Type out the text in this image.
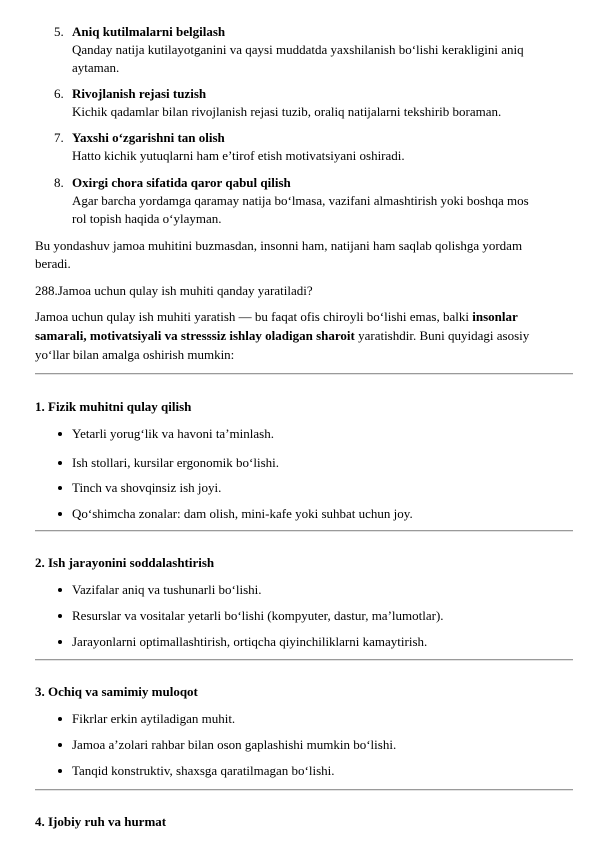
5. Aniq kutilmalarni belgilash
Qanday natija kutilayotganini va qaysi muddatda yaxshilanish bo‘lishi kerakligini aniq
aytaman.
6. Rivojlanish rejasi tuzish
Kichik qadamlar bilan rivojlanish rejasi tuzib, oraliq natijalarni tekshirib boraman.
7. Yaxshi o‘zgarishni tan olish
Hatto kichik yutuqlarni ham e’tirof etish motivatsiyani oshiradi.
8. Oxirgi chora sifatida qaror qabul qilish
Agar barcha yordamga qaramay natija bo‘lmasa, vazifani almashtirish yoki boshqa mos
rol topish haqida o‘ylayman.
Bu yondashuv jamoa muhitini buzmasdan, insonni ham, natijani ham saqlab qolishga yordam
beradi.
288.Jamoa uchun qulay ish muhiti qanday yaratiladi?
Jamoa uchun qulay ish muhiti yaratish — bu faqat ofis chiroyli bo‘lishi emas, balki insonlar
samarali, motivatsiyali va stresssiz ishlay oladigan sharoit yaratishdir. Buni quyidagi asosiy
yo‘llar bilan amalga oshirish mumkin:
1. Fizik muhitni qulay qilish
Yetarli yorug‘lik va havoni ta’minlash.
Ish stollari, kursilar ergonomik bo‘lishi.
Tinch va shovqinsiz ish joyi.
Qo‘shimcha zonalar: dam olish, mini-kafe yoki suhbat uchun joy.
2. Ish jarayonini soddalashtirish
Vazifalar aniq va tushunarli bo‘lishi.
Resurslar va vositalar yetarli bo‘lishi (kompyuter, dastur, ma’lumotlar).
Jarayonlarni optimallashtirish, ortiqcha qiyinchiliklarni kamaytirish.
3. Ochiq va samimiy muloqot
Fikrlar erkin aytiladigan muhit.
Jamoa a’zolari rahbar bilan oson gaplashishi mumkin bo‘lishi.
Tanqid konstruktiv, shaxsga qaratilmagan bo‘lishi.
4. Ijobiy ruh va hurmat
